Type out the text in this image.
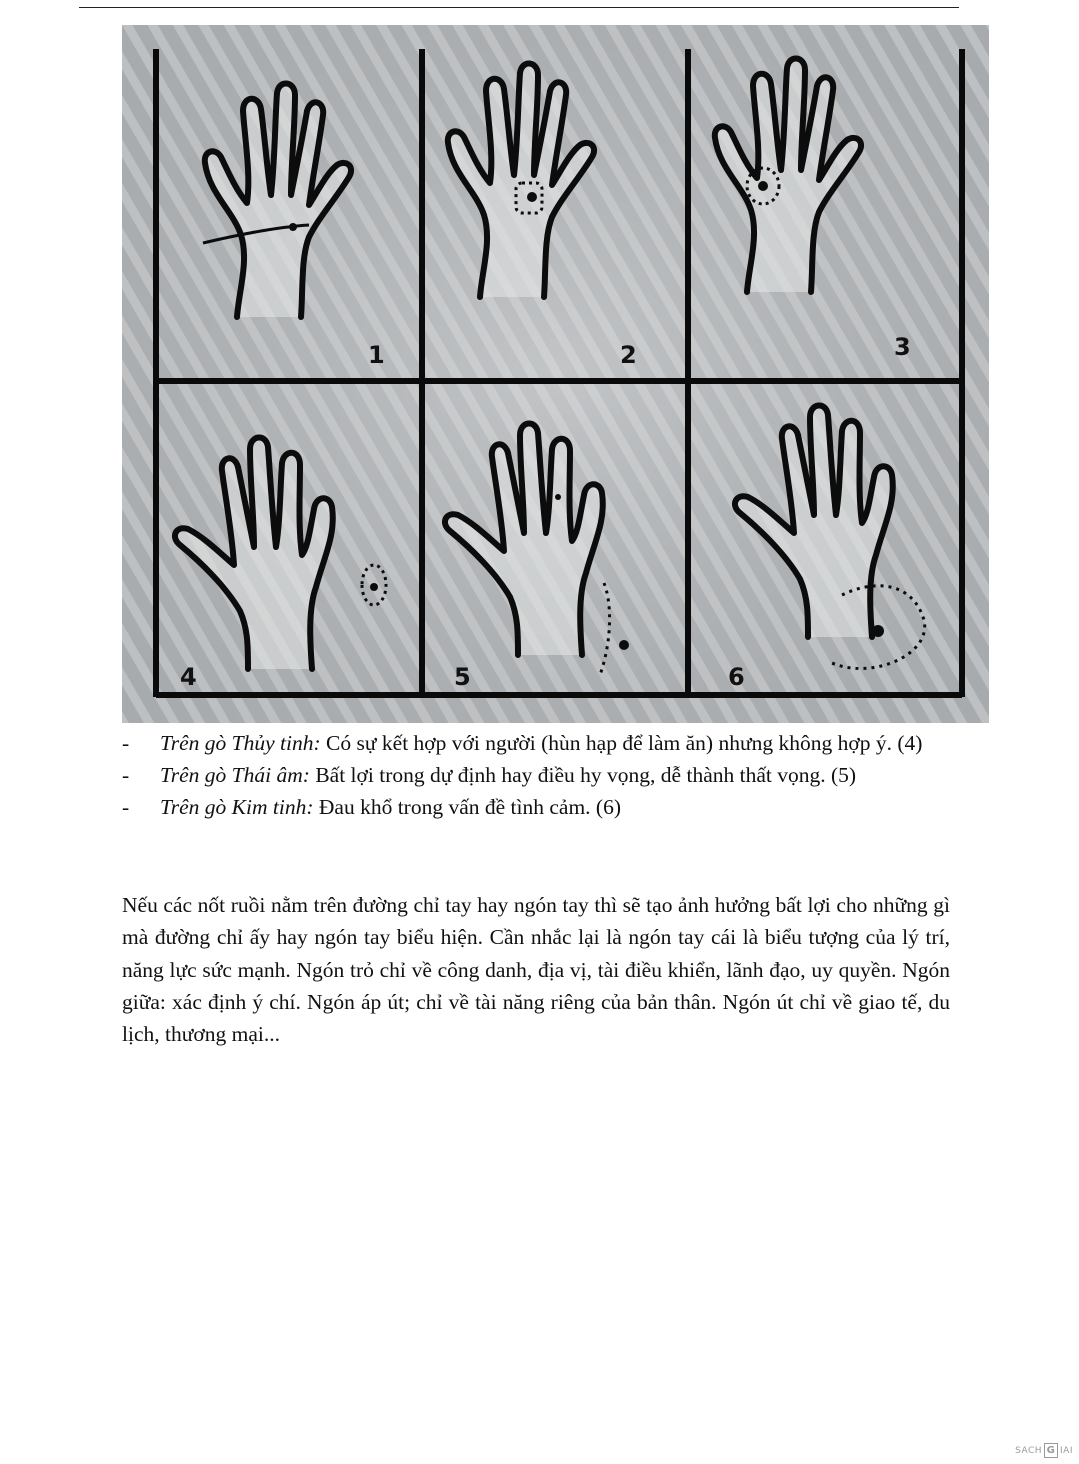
1	2	3
4	5	6
- Trên gò Thủy tinh: Có sự kết hợp với người (hùn hạp để làm ăn) nhưng không hợp ý. (4)
- Trên gò Thái âm: Bất lợi trong dự định hay điều hy vọng, dễ thành thất vọng. (5)
- Trên gò Kim tinh: Đau khổ trong vấn đề tình cảm. (6)
Nếu các nốt ruồi nằm trên đường chỉ tay hay ngón tay thì sẽ tạo ảnh hưởng bất lợi cho những gì mà đường chỉ ấy hay ngón tay biểu hiện. Cần nhắc lại là ngón tay cái là biểu tượng của lý trí, năng lực sức mạnh. Ngón trỏ chỉ về công danh, địa vị, tài điều khiển, lãnh đạo, uy quyền. Ngón giữa: xác định ý chí. Ngón áp út; chỉ về tài năng riêng của bản thân. Ngón út chỉ về giao tế, du lịch, thương mại...
SACH G IAI
